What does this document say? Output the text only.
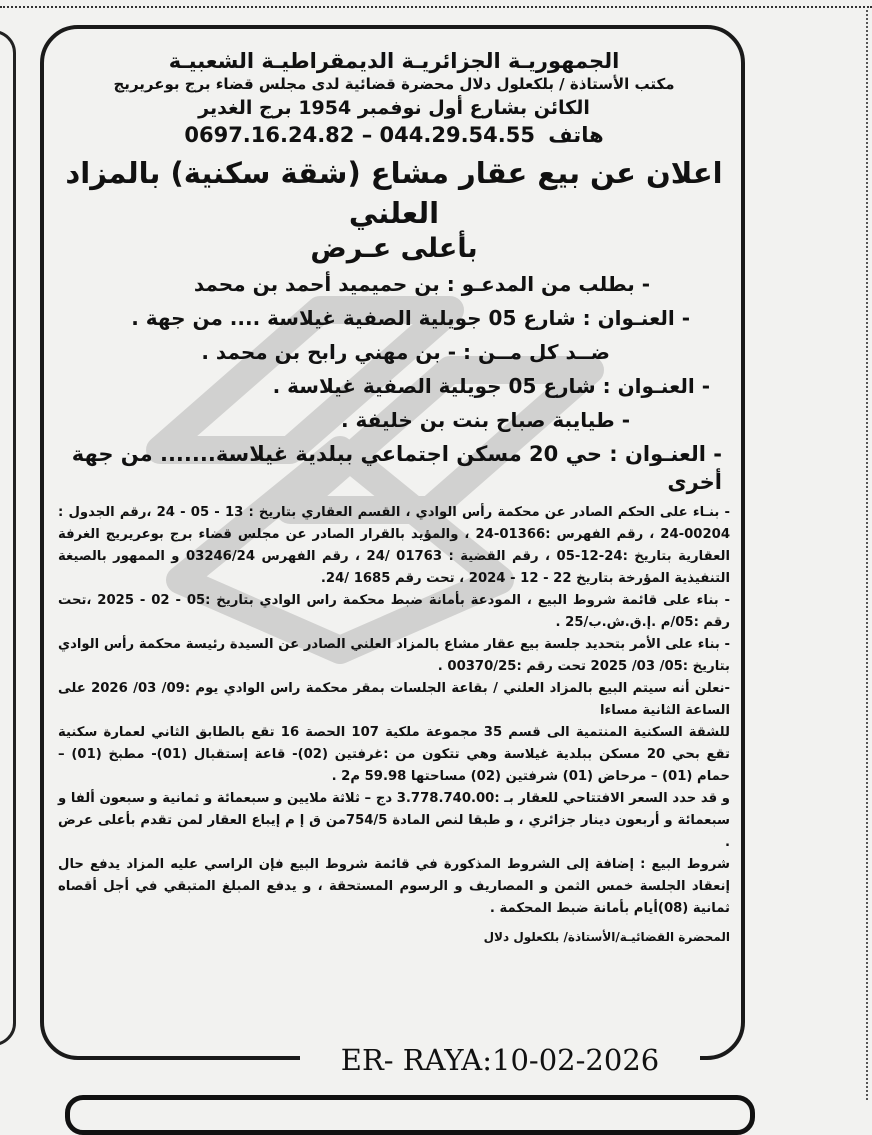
الجمهوريـة الجزائريـة الديمقراطيـة الشعبيـة
مكتب الأستاذة / بلكعلول دلال محضرة قضائية لدى مجلس قضاء برج بوعريريج
الكائن بشارع أول نوفمبر 1954 برج الغدير
هاتف 0697.16.24.82 – 044.29.54.55
اعلان عن بيع عقار مشاع (شقة سكنية) بالمزاد العلني
بأعلى عـرض
- بطلب من المدعـو : بن حميميد أحمد بن محمد
- العنـوان : شارع 05 جويلية الصفية غيلاسة .... من جهة .
ضــد كل مــن : - بن مهني رابح بن محمد .
- العنـوان : شارع 05 جويلية الصفية غيلاسة .
- طيايبة صباح بنت بن خليفة .
- العنـوان : حي 20 مسكن اجتماعي ببلدية غيلاسة....... من جهة أخرى

- بنـاء على الحكم الصادر عن محكمة رأس الوادي ، القسم العقاري بتاريخ : 13 - 05 - 24 ،رقم الجدول : 00204-24 ، رقم الفهرس :01366-24 ، والمؤيد بالقرار الصادر عن مجلس قضاء برج بوعريريج الغرفة العقارية بتاريخ :24-12-05 ، رقم القضية : 01763 /24 ، رقم الفهرس 03246/24 و الممهور بالصيغة التنفيذية المؤرخة بتاريخ 22 - 12 - 2024 ، تحت رقم 1685 /24.

- بناء على قائمة شروط البيع ، المودعة بأمانة ضبط محكمة راس الوادي بتاريخ :05 - 02 - 2025 ،تحت رقم :05/م .إ.ق.ش.ب/25 .

- بناء على الأمر بتحديد جلسة بيع عقار مشاع بالمزاد العلني الصادر عن السيدة رئيسة محكمة رأس الوادي بتاريخ :05/ 03/ 2025 تحت رقم :00370/25 .

-نعلن أنه سيتم البيع بالمزاد العلني / بقاعة الجلسات بمقر محكمة راس الوادي يوم :09/ 03/ 2026 على الساعة الثانية مساءا

للشقة السكنية المنتمية الى قسم 35 مجموعة ملكية 107 الحصة 16 تقع بالطابق الثاني لعمارة سكنية تقع بحي 20 مسكن ببلدية غيلاسة وهي تتكون من :غرفتين (02)- قاعة إستقبال (01)- مطبخ (01) – حمام (01) – مرحاض (01) شرفتين (02) مساحتها 59.98 م2 .

و قد حدد السعر الافتتاحي للعقار بـ :3.778.740.00 دج – ثلاثة ملايين و سبعمائة و ثمانية و سبعون ألفا و سبعمائة و أربعون دينار جزائري ، و طبقا لنص المادة 754/5من ق إ م إيباع العقار لمن تقدم بأعلى عرض .

شروط البيع : إضافة إلى الشروط المذكورة في قائمة شروط البيع فإن الراسي عليه المزاد يدفع حال إنعقاد الجلسة خمس الثمن و المصاريف و الرسوم المستحقة ، و يدفع المبلغ المتبقي في أجل أقصاه ثمانية (08)أيام بأمانة ضبط المحكمة .

المحضرة القضائيـة/الأستاذة/ بلكعلول دلال
ER- RAYA:10-02-2026
